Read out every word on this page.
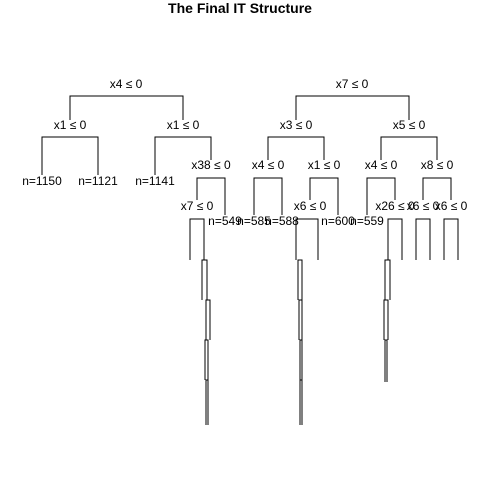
The Final IT Structure
x4 ≤ 0	x7 ≤ 0
x1 ≤ 0	x1 ≤ 0
x38 ≤ 0
x7 ≤ 0
x3 ≤ 0	x5 ≤ 0
x4 ≤ 0 x1 ≤ 0
x6 ≤ 0
x4 ≤ 0 x8 ≤ 0
x26 ≤ 0
x6 ≤ 0
x6 ≤ 0
n=1150 n=1121 n=1141
n=549
n=585
n=588 n=600
n=559
